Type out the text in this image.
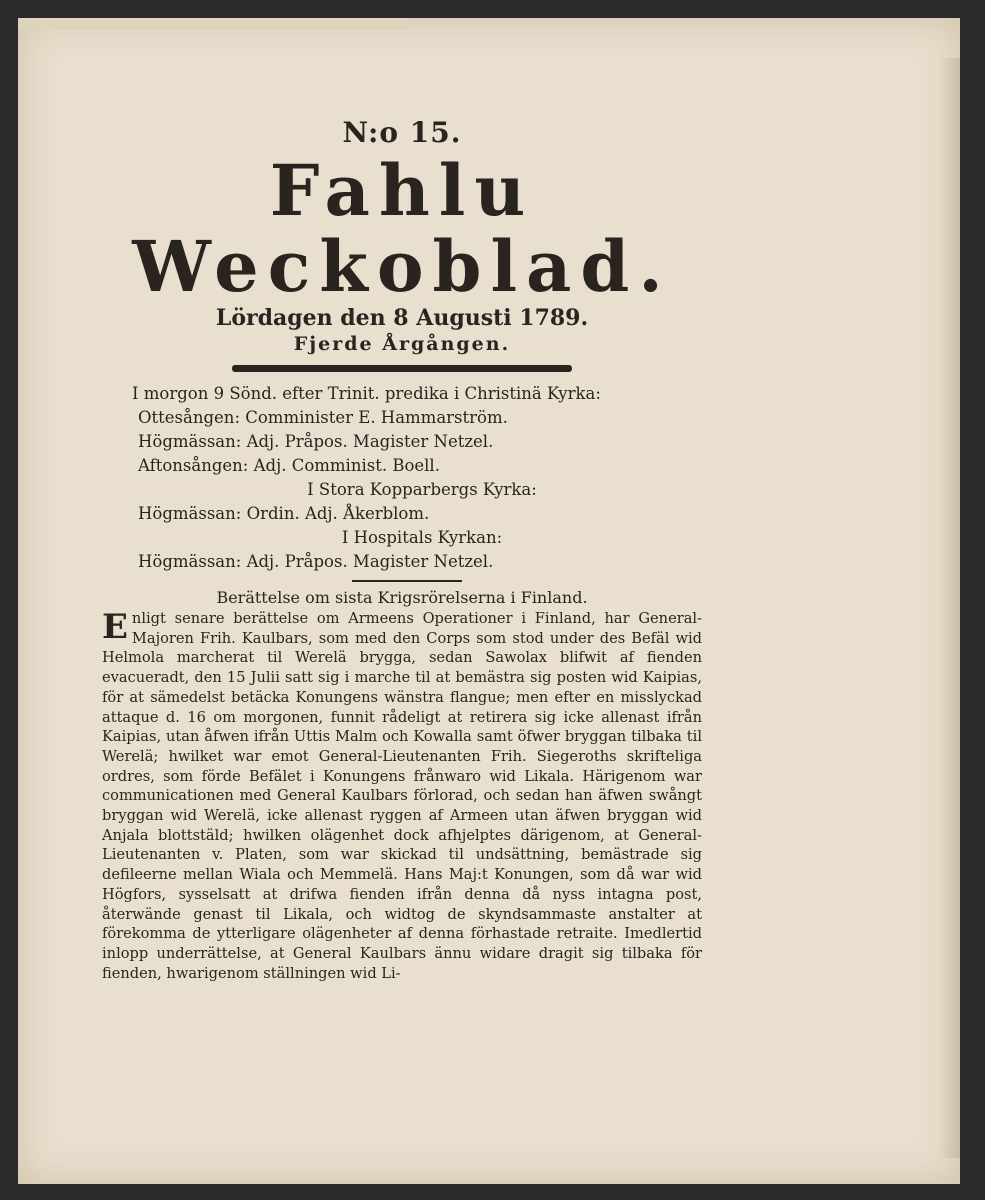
N:o 15.

Fahlu Weckoblad.

Lördagen den 8 Augusti 1789.

Fjerde Årgången.

I morgon 9 Sönd. efter Trinit. predika i Christinä Kyrka:
Ottesången: Comminister E. Hammarström.
Högmässan: Adj. Pråpos. Magister Netzel.
Aftonsången: Adj. Comminist. Boell.
I Stora Kopparbergs Kyrka:
Högmässan: Ordin. Adj. Åkerblom.
I Hospitals Kyrkan:
Högmässan: Adj. Pråpos. Magister Netzel.
Berättelse om sista Krigsrörelserna i Finland.
E nligt senare berättelse om Armeens Operationer i Finland, har General-Majoren Frih. Kaulbars, som med den Corps som stod under des Befäl wid Helmola marcherat til Werelä brygga, sedan Sawolax blifwit af fienden evacueradt, den 15 Julii satt sig i marche til at bemästra sig posten wid Kaipias, för at sämedelst betäcka Konungens wänstra flangue; men efter en misslyckad attaque d. 16 om morgonen, funnit rådeligt at retirera sig icke allenast ifrån Kaipias, utan åfwen ifrån Uttis Malm och Kowalla samt öfwer bryggan tilbaka til Werelä; hwilket war emot General-Lieutenanten Frih. Siegeroths skrifteliga ordres, som förde Befälet i Konungens frånwaro wid Likala. Härigenom war communicationen med General Kaulbars förlorad, och sedan han äfwen swångt bryggan wid Werelä, icke allenast ryggen af Armeen utan äfwen bryggan wid Anjala blottstäld; hwilken olägenhet dock afhjelptes därigenom, at General-Lieutenanten v. Platen, som war skickad til undsättning, bemästrade sig defileerne mellan Wiala och Memmelä. Hans Maj:t Konungen, som då war wid Högfors, sysselsatt at drifwa fienden ifrån denna då nyss intagna post, återwände genast til Likala, och widtog de skyndsammaste anstalter at förekomma de ytterligare olägenheter af denna förhastade retraite. Imedlertid inlopp underrättelse, at General Kaulbars ännu widare dragit sig tilbaka för fienden, hwarigenom ställningen wid Li-
